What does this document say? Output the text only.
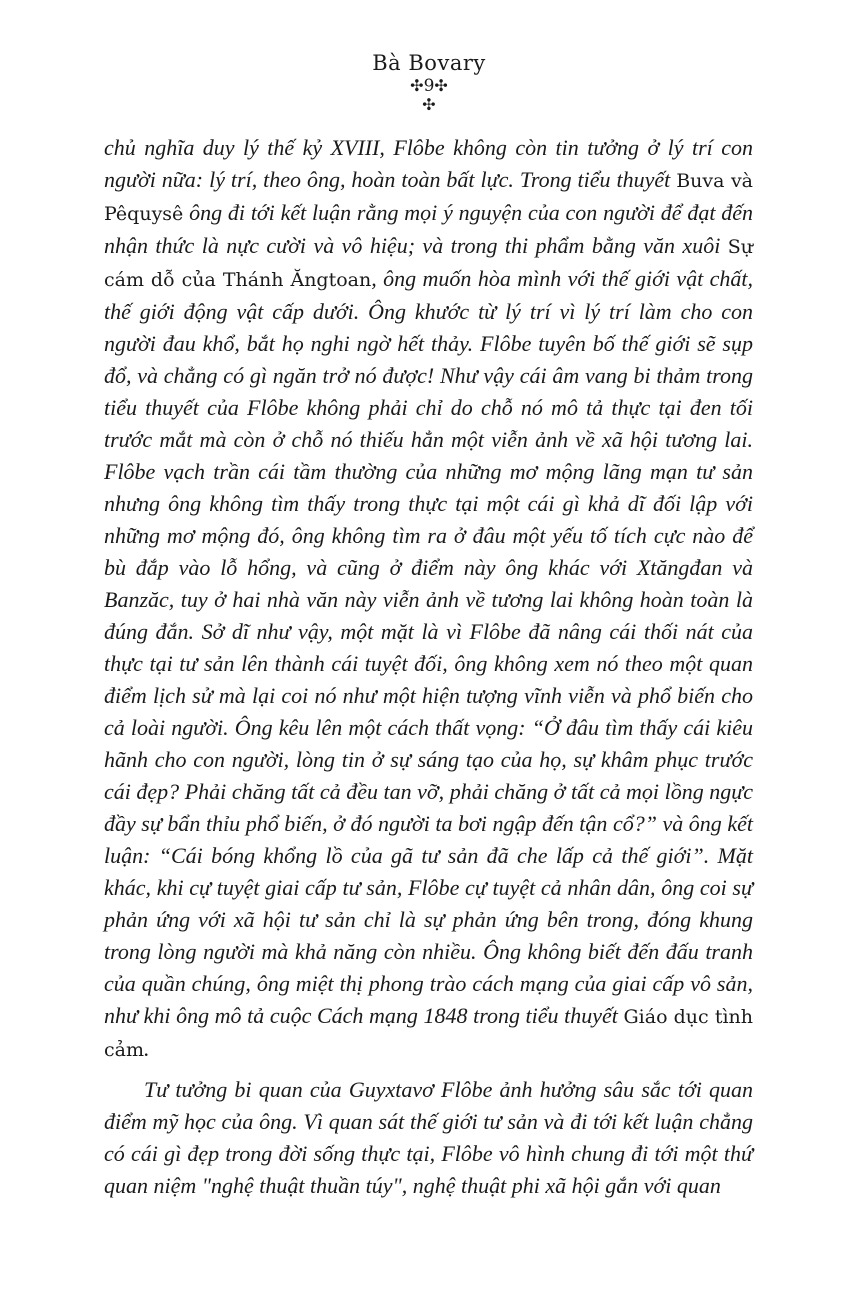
Bà Bovary
✣9✣
✣

chủ nghĩa duy lý thế kỷ XVIII, Flôbe không còn tin tưởng ở lý trí con người nữa: lý trí, theo ông, hoàn toàn bất lực. Trong tiểu thuyết Buva và Pêquysê ông đi tới kết luận rằng mọi ý nguyện của con người để đạt đến nhận thức là nực cười và vô hiệu; và trong thi phẩm bằng văn xuôi Sự cám dỗ của Thánh Ăngtoan, ông muốn hòa mình với thế giới vật chất, thế giới động vật cấp dưới. Ông khước từ lý trí vì lý trí làm cho con người đau khổ, bắt họ nghi ngờ hết thảy. Flôbe tuyên bố thế giới sẽ sụp đổ, và chẳng có gì ngăn trở nó được! Như vậy cái âm vang bi thảm trong tiểu thuyết của Flôbe không phải chỉ do chỗ nó mô tả thực tại đen tối trước mắt mà còn ở chỗ nó thiếu hẳn một viễn ảnh về xã hội tương lai. Flôbe vạch trần cái tầm thường của những mơ mộng lãng mạn tư sản nhưng ông không tìm thấy trong thực tại một cái gì khả dĩ đối lập với những mơ mộng đó, ông không tìm ra ở đâu một yếu tố tích cực nào để bù đắp vào lỗ hổng, và cũng ở điểm này ông khác với Xtăngđan và Banzăc, tuy ở hai nhà văn này viễn ảnh về tương lai không hoàn toàn là đúng đắn. Sở dĩ như vậy, một mặt là vì Flôbe đã nâng cái thối nát của thực tại tư sản lên thành cái tuyệt đối, ông không xem nó theo một quan điểm lịch sử mà lại coi nó như một hiện tượng vĩnh viễn và phổ biến cho cả loài người. Ông kêu lên một cách thất vọng: “Ở đâu tìm thấy cái kiêu hãnh cho con người, lòng tin ở sự sáng tạo của họ, sự khâm phục trước cái đẹp? Phải chăng tất cả đều tan vỡ, phải chăng ở tất cả mọi lồng ngực đầy sự bẩn thỉu phổ biến, ở đó người ta bơi ngập đến tận cổ?” và ông kết luận: “Cái bóng khổng lồ của gã tư sản đã che lấp cả thế giới”. Mặt khác, khi cự tuyệt giai cấp tư sản, Flôbe cự tuyệt cả nhân dân, ông coi sự phản ứng với xã hội tư sản chỉ là sự phản ứng bên trong, đóng khung trong lòng người mà khả năng còn nhiều. Ông không biết đến đấu tranh của quần chúng, ông miệt thị phong trào cách mạng của giai cấp vô sản, như khi ông mô tả cuộc Cách mạng 1848 trong tiểu thuyết Giáo dục tình cảm.

Tư tưởng bi quan của Guyxtavơ Flôbe ảnh hưởng sâu sắc tới quan điểm mỹ học của ông. Vì quan sát thế giới tư sản và đi tới kết luận chẳng có cái gì đẹp trong đời sống thực tại, Flôbe vô hình chung đi tới một thứ quan niệm "nghệ thuật thuần túy", nghệ thuật phi xã hội gắn với quan
